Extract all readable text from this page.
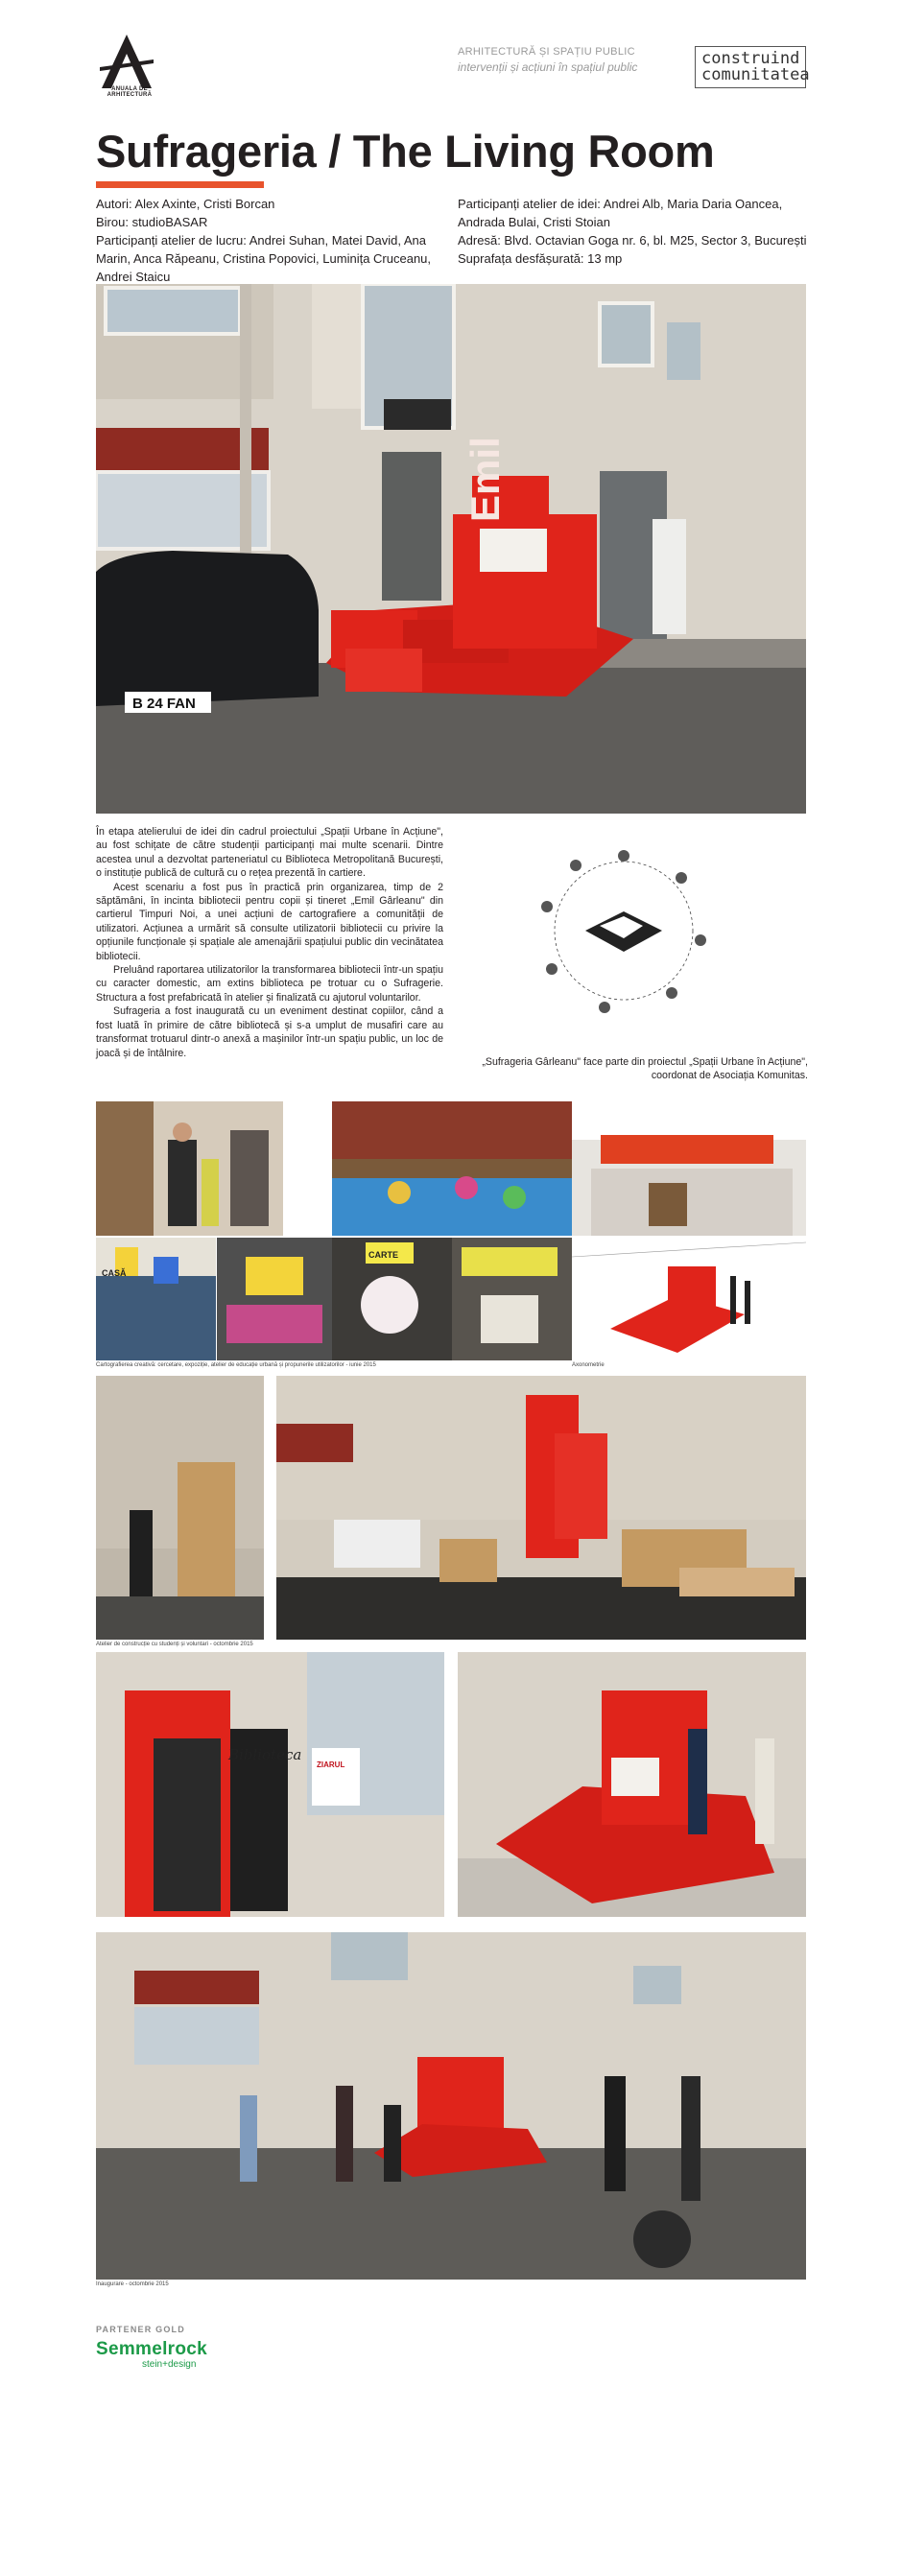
ANUALA DE ARHITECTURĂ
ARHITECTURĂ ȘI SPAȚIU PUBLIC
intervenții și acțiuni în spațiul public	construind
comunitatea
Sufrageria / The Living Room
Autori: Alex Axinte, Cristi Borcan
Birou: studioBASAR
Participanți atelier de lucru: Andrei Suhan, Matei David, Ana Marin, Anca Răpeanu, Cristina Popovici, Luminița Cruceanu, Andrei Staicu
Participanți atelier de idei: Andrei Alb, Maria Daria Oancea, Andrada Bulai, Cristi Stoian
Adresă: Blvd. Octavian Goga nr. 6, bl. M25, Sector 3, București
Suprafața desfășurată: 13 mp
B 24 FAN
Emil

În etapa atelierului de idei din cadrul proiectului „Spații Urbane în Acțiune", au fost schițate de către studenții participanți mai multe scenarii. Dintre acestea unul a dezvoltat parteneriatul cu Biblioteca Metropolitană București, o instituție publică de cultură cu o rețea prezentă în cartiere.

Acest scenariu a fost pus în practică prin organizarea, timp de 2 săptămâni, în incinta bibliotecii pentru copii și tineret „Emil Gârleanu" din cartierul Timpuri Noi, a unei acțiuni de cartografiere a comunității de utilizatori. Acțiunea a urmărit să consulte utilizatorii bibliotecii cu privire la opțiunile funcționale și spațiale ale amenajării spațiului public din vecinătatea bibliotecii.

Preluând raportarea utilizatorilor la transformarea bibliotecii într-un spațiu cu caracter domestic, am extins biblioteca pe trotuar cu o Sufragerie. Structura a fost prefabricată în atelier și finalizată cu ajutorul voluntarilor.

Sufrageria a fost inaugurată cu un eveniment destinat copiilor, când a fost luată în primire de către bibliotecă și s-a umplut de musafiri care au transformat trotuarul dintr-o anexă a mașinilor într-un spațiu public, un loc de joacă și de întâlnire.

„Sufrageria Gârleanu" face parte din proiectul „Spații Urbane în Acțiune", coordonat de Asociația Komunitas.
CASĂ
CARTE
Cartografierea creativă: cercetare, expoziție, atelier de educație urbană și propunerile utilizatorilor - iunie 2015	Axonometrie
Atelier de construcție cu studenți și voluntari - octombrie 2015
Biblioteca
ZIARUL
Inaugurare - octombrie 2015
PARTENER GOLD
Semmelrock
stein+design
